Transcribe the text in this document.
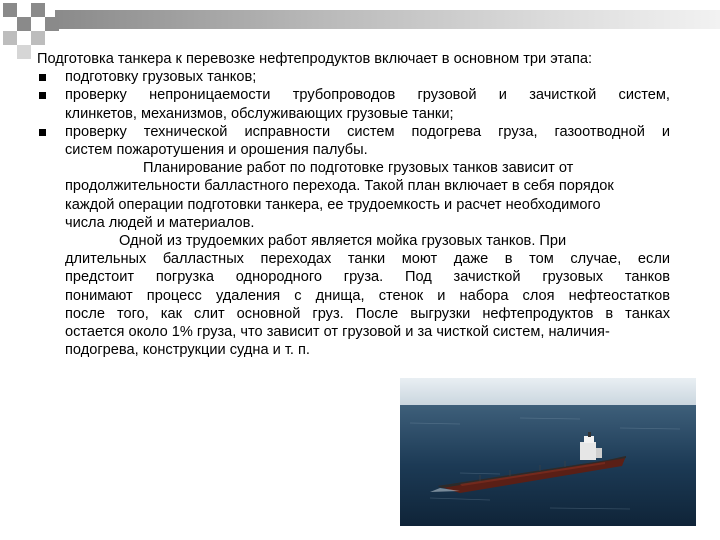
Подготовка танкера к перевозке нефтепродуктов включает в основном три этапа:
подготовку грузовых танков;
проверку непроницаемости трубопроводов грузовой и зачисткой систем,
клинкетов, механизмов, обслуживающих грузовые танки;
проверку технической исправности систем подогрева груза, газоотводной и
систем пожаротушения и орошения палубы.
Планирование работ по подготовке грузовых танков зависит от
продолжительности балластного перехода. Такой план включает в себя порядок
каждой операции подготовки танкера, ее трудоемкость и расчет необходимого
числа людей и материалов.
Одной из трудоемких работ является мойка грузовых танков. При
длительных балластных переходах танки моют даже в том случае, если
предстоит погрузка однородного груза. Под зачисткой грузовых танков
понимают процесс удаления с днища, стенок и набора слоя нефтеостатков
после того, как слит основной груз. После выгрузки нефтепродуктов в танках
остается около 1% груза, что зависит от грузовой и за чисткой систем, наличия-
подогрева, конструкции судна и т. п.
